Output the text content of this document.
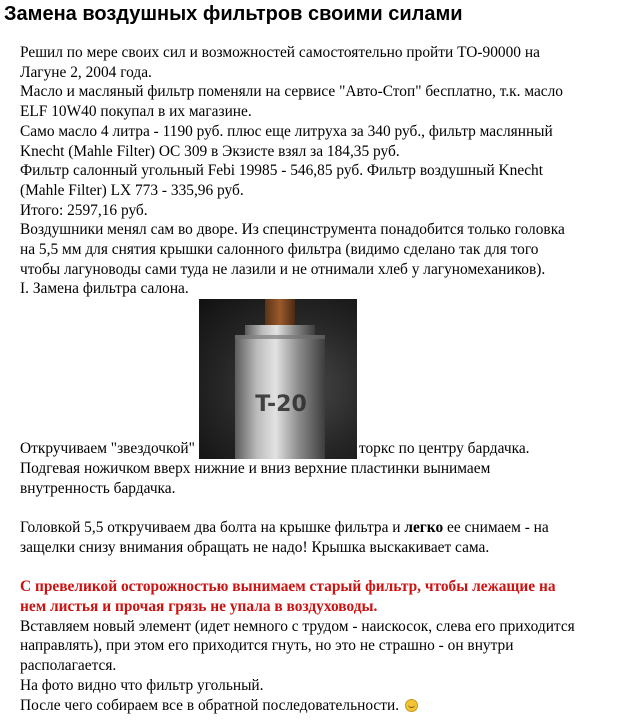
Замена воздушных фильтров своими силами
Решил по мере своих сил и возможностей самостоятельно пройти ТО-90000 на
Лагуне 2, 2004 года.
Масло и масляный фильтр поменяли на сервисе "Авто-Стоп" бесплатно, т.к. масло
ELF 10W40 покупал в их магазине.
Само масло 4 литра - 1190 руб. плюс еще литруха за 340 руб., фильтр маслянный
Knecht (Mahle Filter) OC 309 в Экзисте взял за 184,35 руб.
Фильтр салонный угольный Febi 19985 - 546,85 руб. Фильтр воздушный Knecht
(Mahle Filter) LX 773 - 335,96 руб.
Итого: 2597,16 руб.
Воздушники менял сам во дворе. Из специнструмента понадобится только головка
на 5,5 мм для снятия крышки салонного фильтра (видимо сделано так для того
чтобы лагуноводы сами туда не лазили и не отнимали хлеб у лагуномехаников).
I. Замена фильтра салона.
Откручиваем "звездочкой"
T-20
торкс по центру бардачка.
Подгевая ножичком вверх нижние и вниз верхние пластинки вынимаем
внутренность бардачка.
Головкой 5,5 откручиваем два болта на крышке фильтра и легко ее снимаем - на
защелки снизу внимания обращать не надо! Крышка выскакивает сама.
С превеликой осторожностью вынимаем старый фильтр, чтобы лежащие на
нем листья и прочая грязь не упала в воздуховоды.
Вставляем новый элемент (идет немного с трудом - наискосок, слева его приходится
направлять), при этом его приходится гнуть, но это не страшно - он внутри
располагается.
На фото видно что фильтр угольный.
После чего собираем все в обратной последовательности.
